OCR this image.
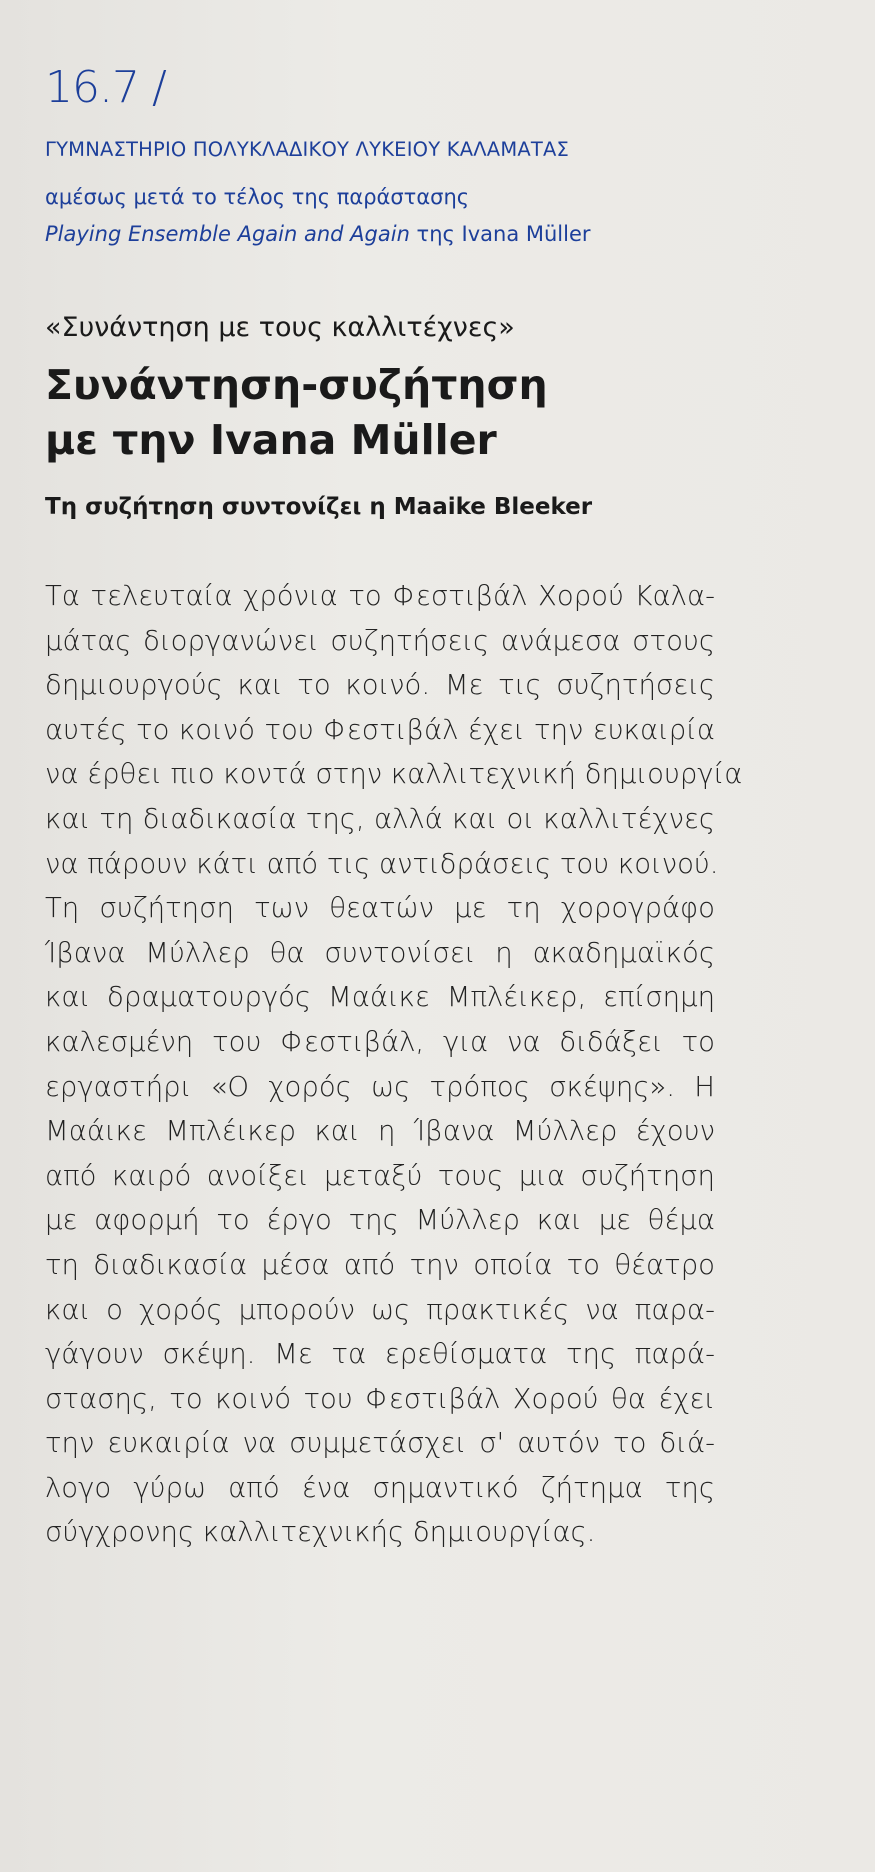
16.7 /
ΓΥΜΝΑΣΤΗΡΙΟ ΠΟΛΥΚΛΑΔΙΚΟΥ ΛΥΚΕΙΟΥ ΚΑΛΑΜΑΤΑΣ
αμέσως μετά το τέλος της παράστασης
Playing Ensemble Again and Again της Ivana Müller
«Συνάντηση με τους καλλιτέχνες»
Συνάντηση-συζήτηση
με την Ivana Müller
Τη συζήτηση συντονίζει η Maaike Bleeker
Τα τελευταία χρόνια το Φεστιβάλ Χορού Καλα-
μάτας διοργανώνει συζητήσεις ανάμεσα στους
δημιουργούς και το κοινό. Με τις συζητήσεις
αυτές το κοινό του Φεστιβάλ έχει την ευκαιρία
να έρθει πιο κοντά στην καλλιτεχνική δημιουργία
και τη διαδικασία της, αλλά και οι καλλιτέχνες
να πάρουν κάτι από τις αντιδράσεις του κοινού.
Τη συζήτηση των θεατών με τη χορογράφο
Ίβανα Μύλλερ θα συντονίσει η ακαδημαϊκός
και δραματουργός Μαάικε Μπλέικερ, επίσημη
καλεσμένη του Φεστιβάλ, για να διδάξει το
εργαστήρι «Ο χορός ως τρόπος σκέψης». Η
Μαάικε Μπλέικερ και η Ίβανα Μύλλερ έχουν
από καιρό ανοίξει μεταξύ τους μια συζήτηση
με αφορμή το έργο της Μύλλερ και με θέμα
τη διαδικασία μέσα από την οποία το θέατρο
και ο χορός μπορούν ως πρακτικές να παρα-
γάγουν σκέψη. Με τα ερεθίσματα της παρά-
στασης, το κοινό του Φεστιβάλ Χορού θα έχει
την ευκαιρία να συμμετάσχει σ' αυτόν το διά-
λογο γύρω από ένα σημαντικό ζήτημα της
σύγχρονης καλλιτεχνικής δημιουργίας.
